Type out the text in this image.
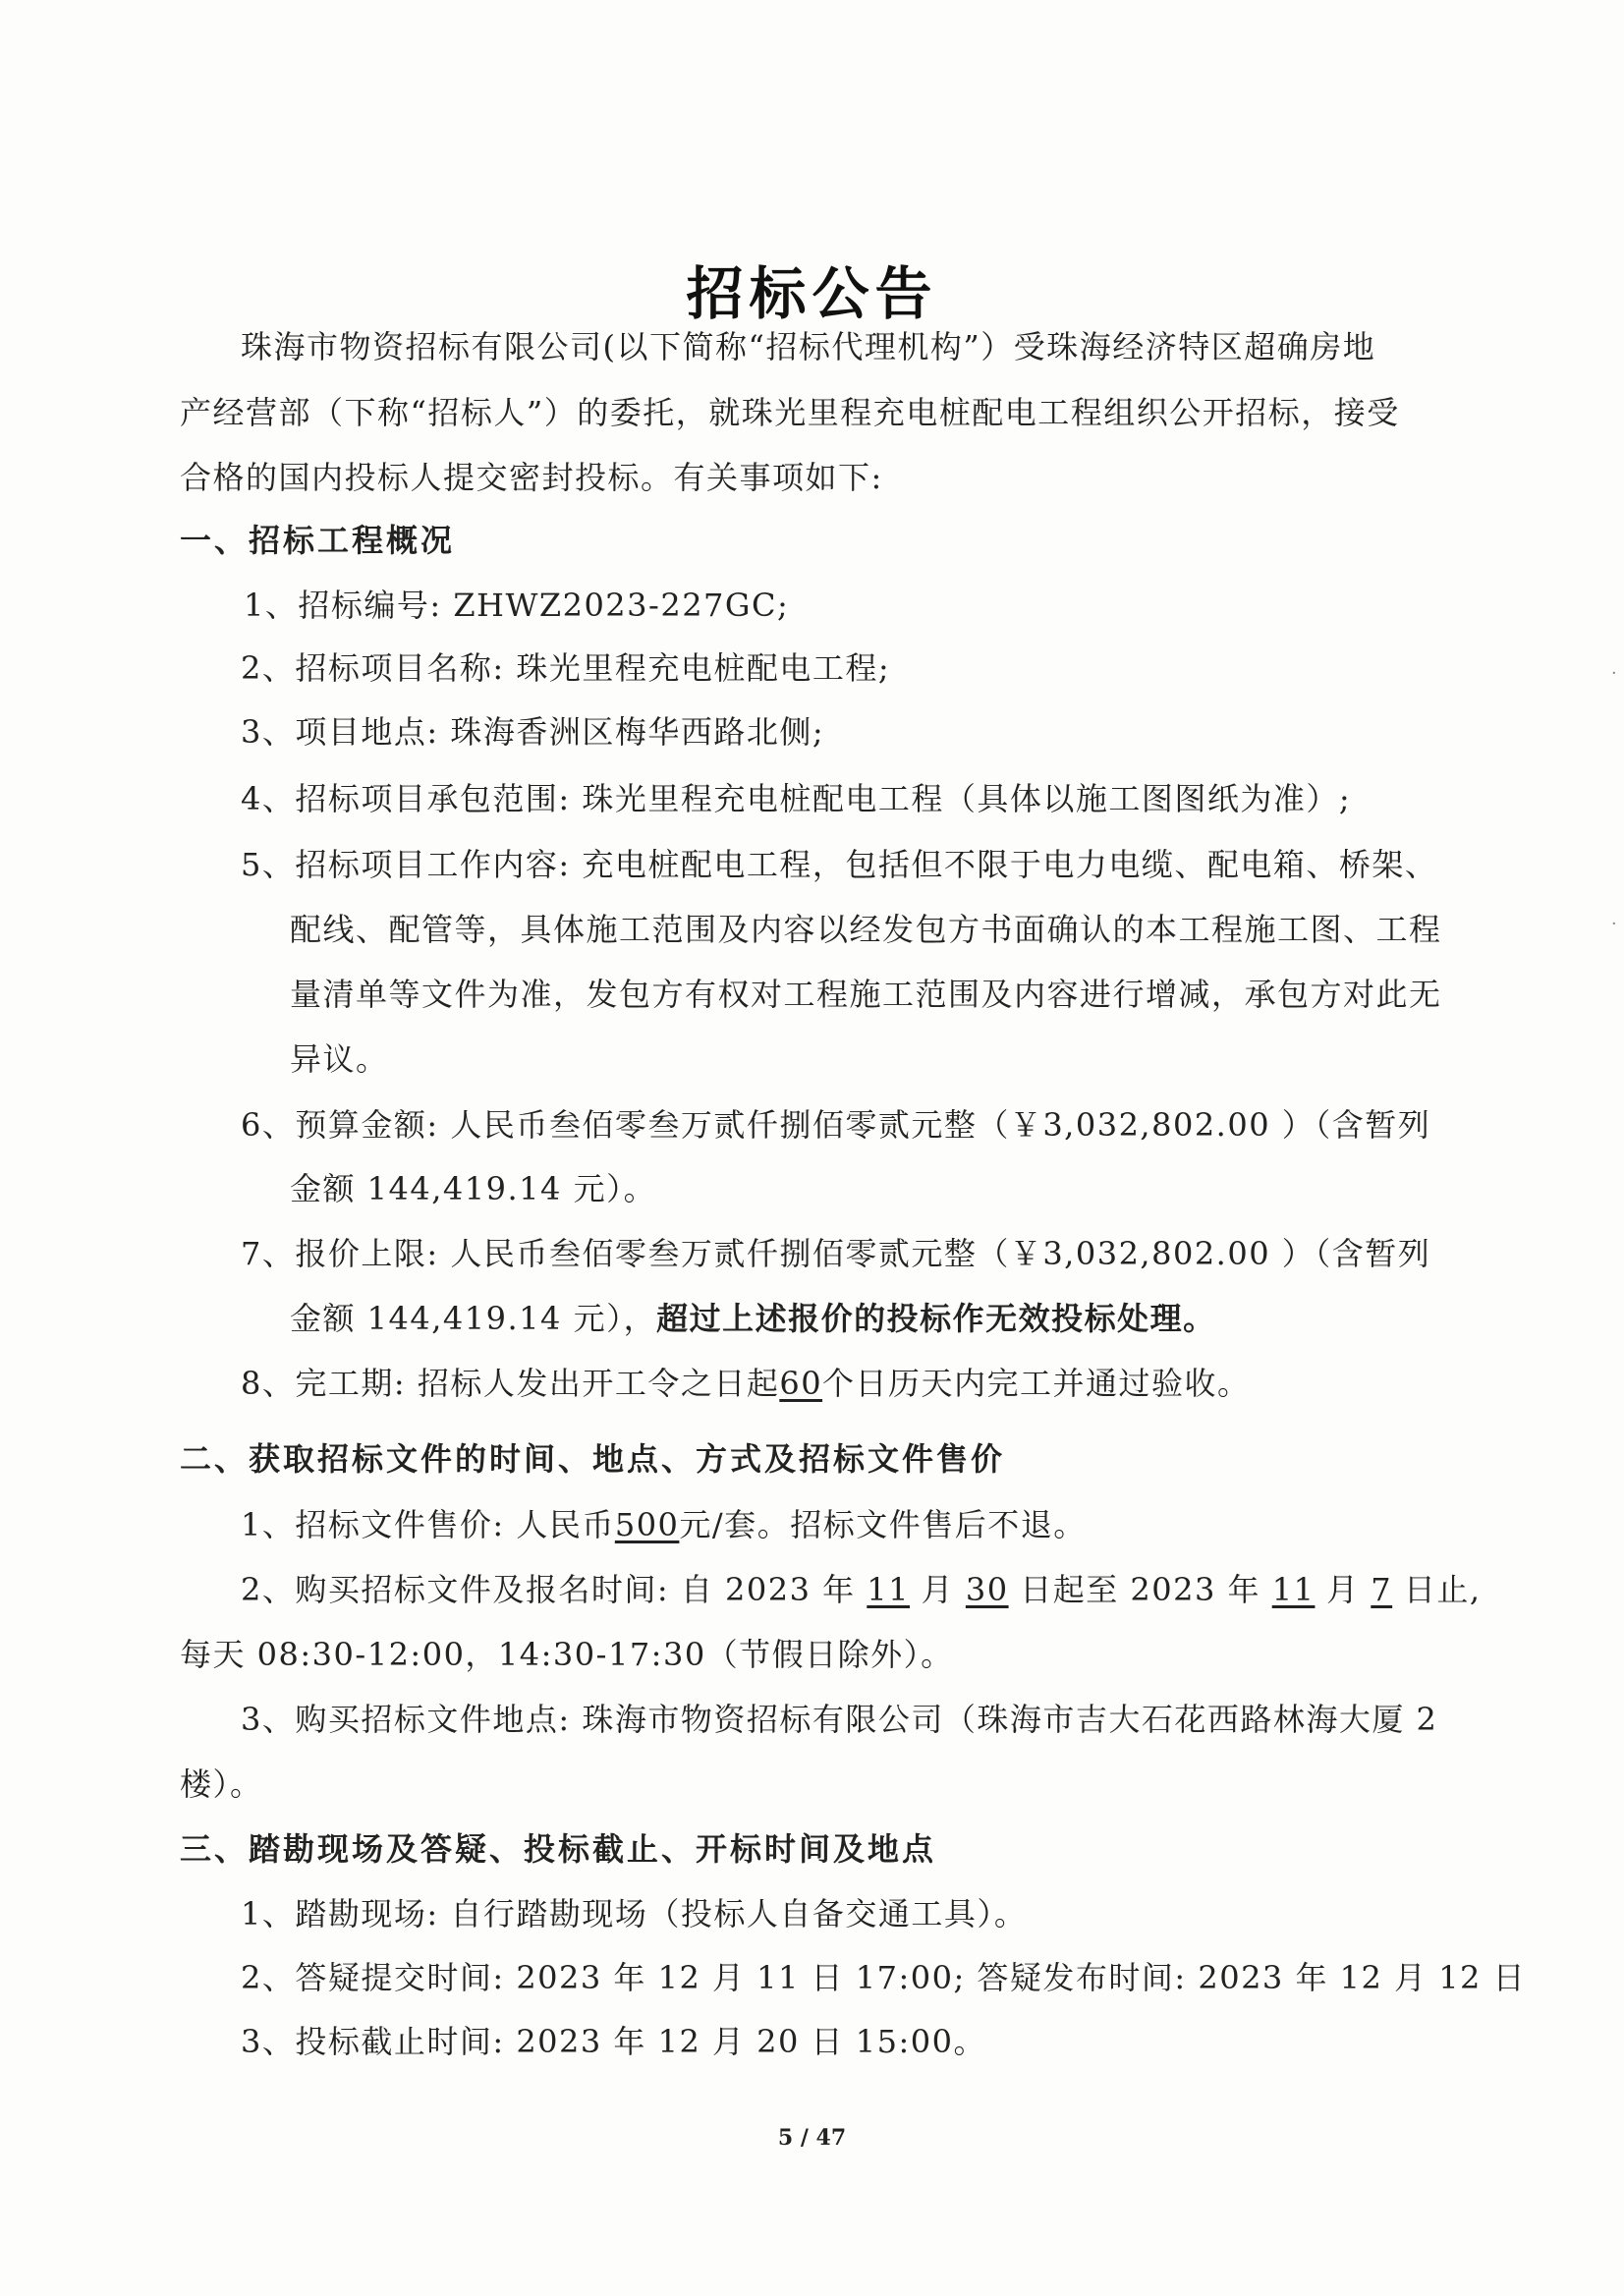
招标公告
珠海市物资招标有限公司(以下简称“招标代理机构”）受珠海经济特区超确房地
产经营部（下称“招标人”）的委托，就珠光里程充电桩配电工程组织公开招标，接受
合格的国内投标人提交密封投标。有关事项如下:
一、招标工程概况
1、招标编号: ZHWZ2023-227GC;
2、招标项目名称: 珠光里程充电桩配电工程;
3、项目地点: 珠海香洲区梅华西路北侧;
4、招标项目承包范围: 珠光里程充电桩配电工程（具体以施工图图纸为准）;
5、招标项目工作内容: 充电桩配电工程，包括但不限于电力电缆、配电箱、桥架、
配线、配管等，具体施工范围及内容以经发包方书面确认的本工程施工图、工程
量清单等文件为准，发包方有权对工程施工范围及内容进行增减，承包方对此无
异议。
6、预算金额: 人民币叁佰零叁万贰仟捌佰零贰元整（￥3,032,802.00 ）（含暂列
金额 144,419.14 元）。
7、报价上限: 人民币叁佰零叁万贰仟捌佰零贰元整（￥3,032,802.00 ）（含暂列
金额 144,419.14 元），超过上述报价的投标作无效投标处理。
8、完工期: 招标人发出开工令之日起60个日历天内完工并通过验收。
二、获取招标文件的时间、地点、方式及招标文件售价
1、招标文件售价: 人民币500元/套。招标文件售后不退。
2、购买招标文件及报名时间: 自 2023 年 11 月 30 日起至 2023 年 11 月 7 日止,
每天 08:30-12:00，14:30-17:30（节假日除外）。
3、购买招标文件地点: 珠海市物资招标有限公司（珠海市吉大石花西路林海大厦 2
楼）。
三、踏勘现场及答疑、投标截止、开标时间及地点
1、踏勘现场: 自行踏勘现场（投标人自备交通工具）。
2、答疑提交时间: 2023 年 12 月 11 日 17:00; 答疑发布时间: 2023 年 12 月 12 日
3、投标截止时间: 2023 年 12 月 20 日 15:00。
5 / 47
·
·
